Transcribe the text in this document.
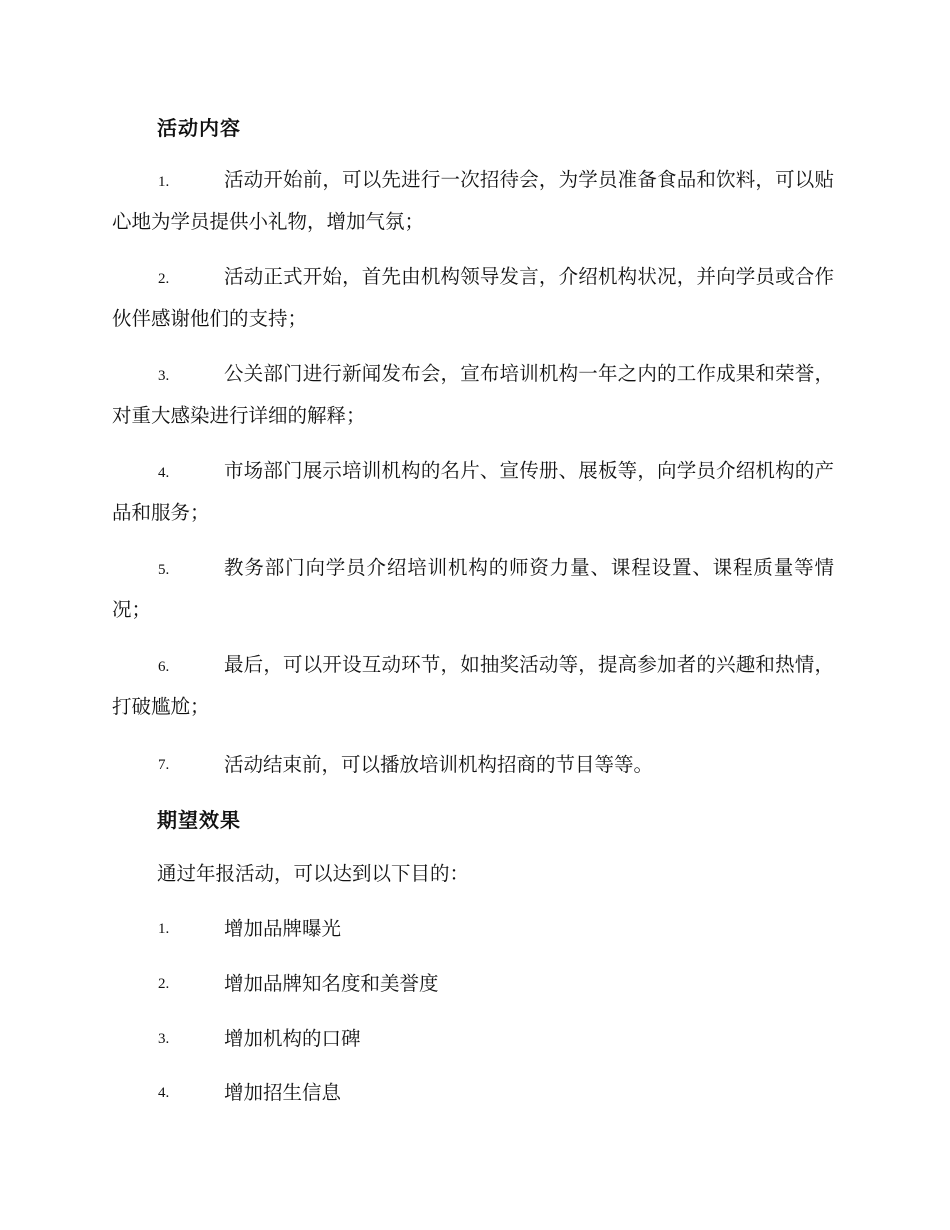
活动内容
1.	活动开始前，可以先进行一次招待会，为学员准备食品和饮料，可以贴心地为学员提供小礼物，增加气氛；

2.	活动正式开始，首先由机构领导发言，介绍机构状况，并向学员或合作伙伴感谢他们的支持；

3.	公关部门进行新闻发布会，宣布培训机构一年之内的工作成果和荣誉，对重大感染进行详细的解释；

4.	市场部门展示培训机构的名片、宣传册、展板等，向学员介绍机构的产品和服务；

5.	教务部门向学员介绍培训机构的师资力量、课程设置、课程质量等情况；

6.	最后，可以开设互动环节，如抽奖活动等，提高参加者的兴趣和热情，打破尴尬；

7.	活动结束前，可以播放培训机构招商的节目等等。

期望效果

通过年报活动，可以达到以下目的：

1.	增加品牌曝光

2.	增加品牌知名度和美誉度

3.	增加机构的口碑

4.	增加招生信息
